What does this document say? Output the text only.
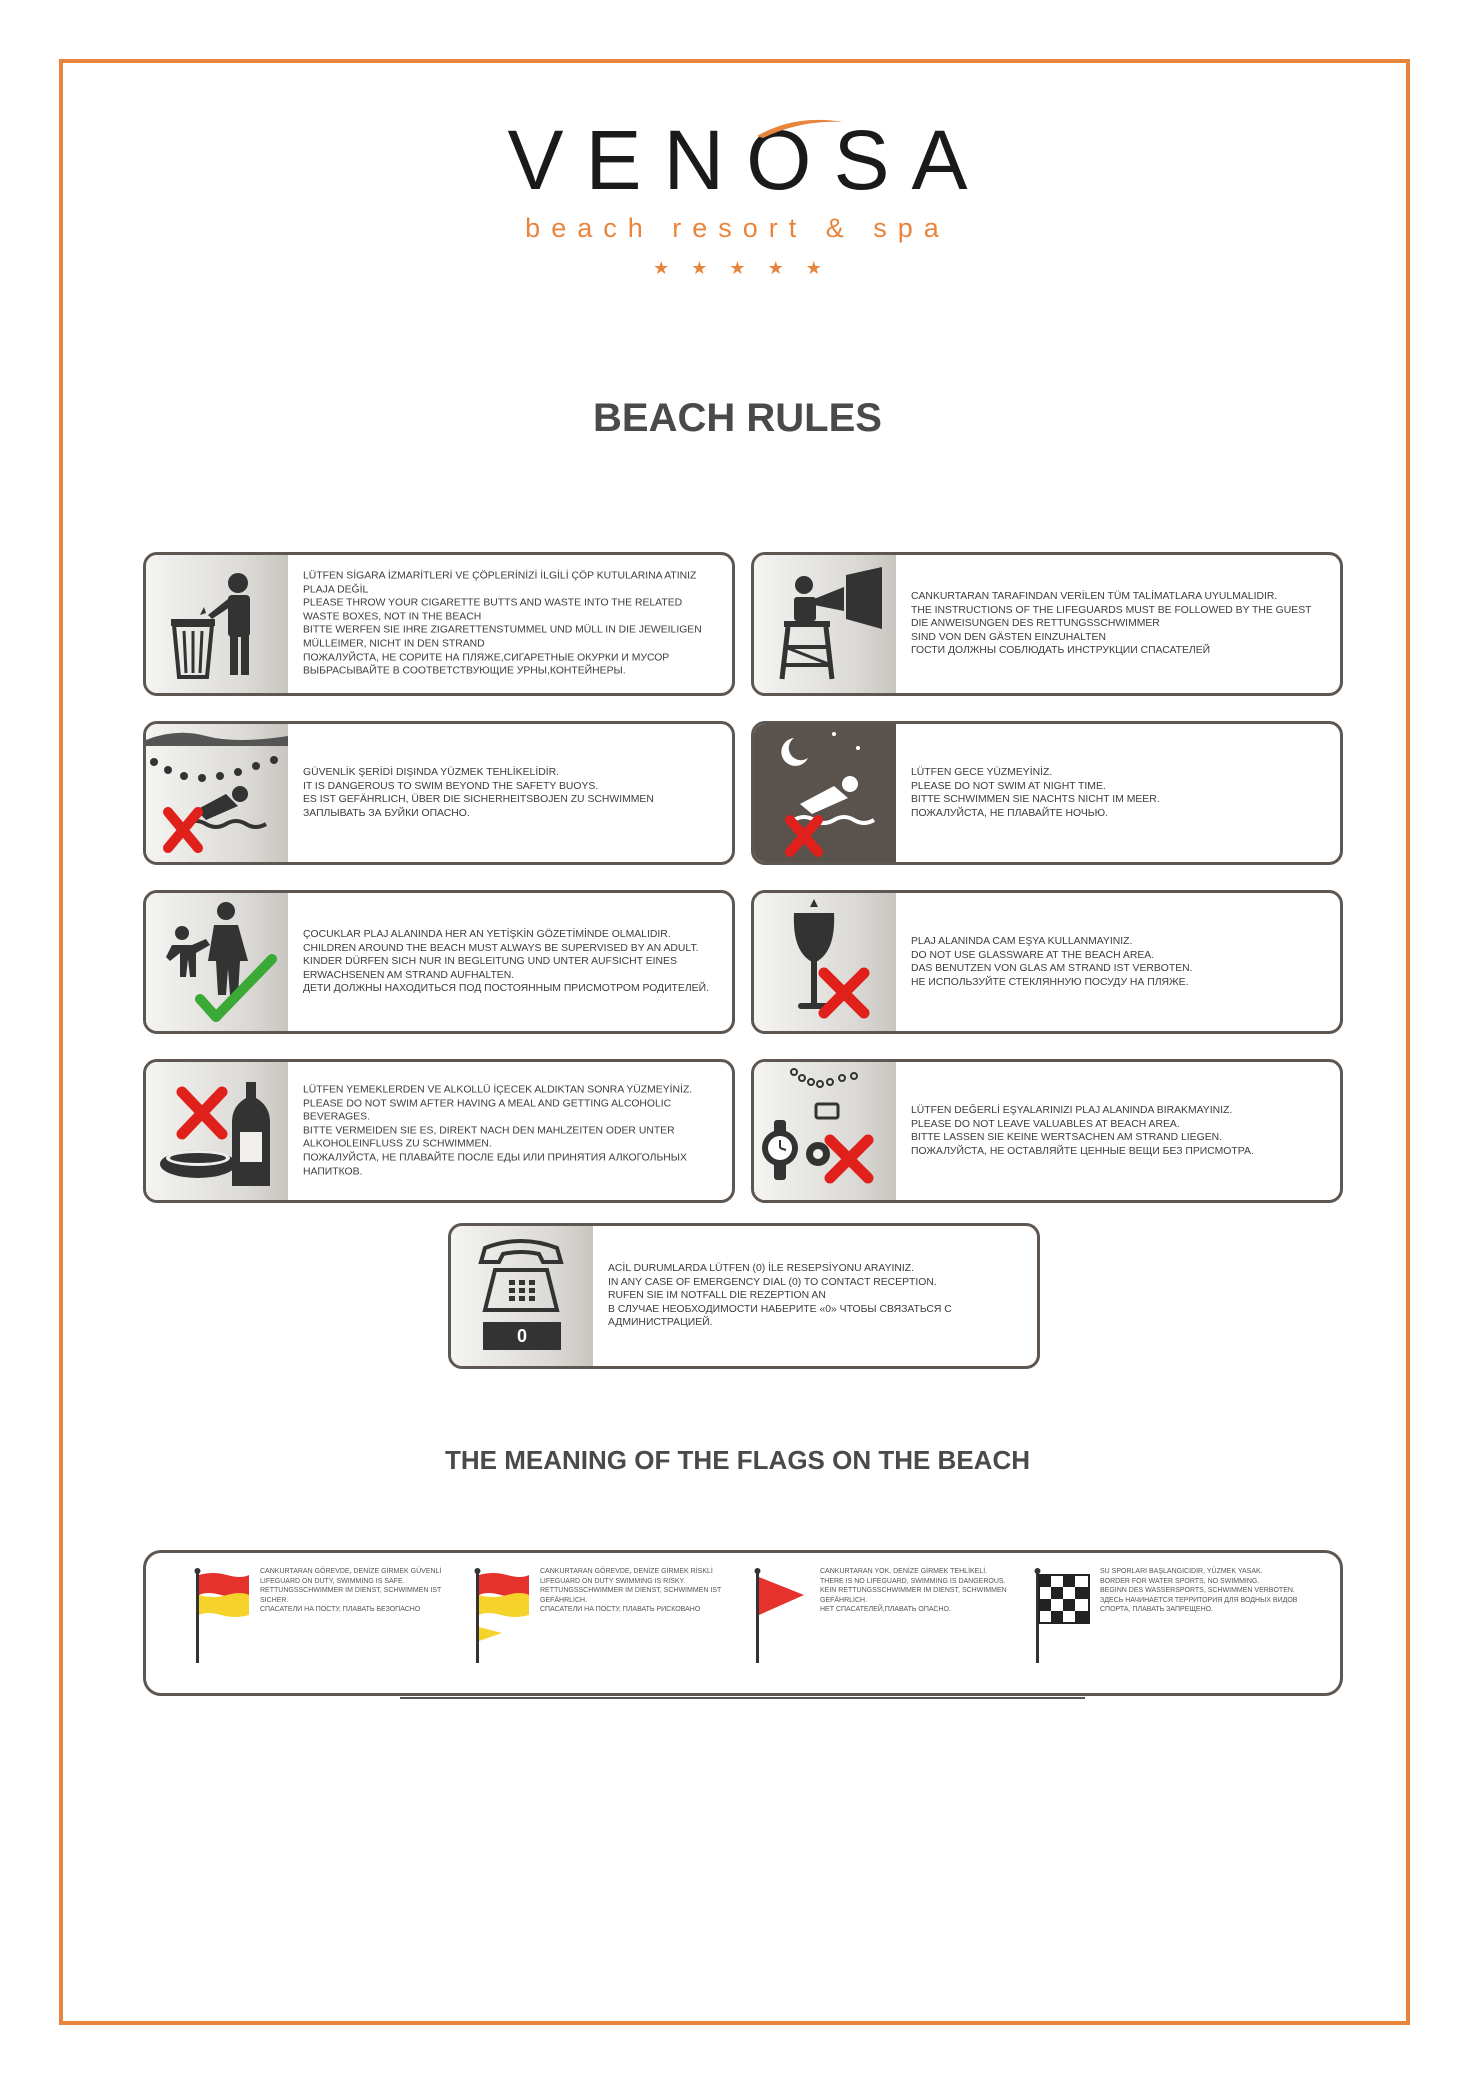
VENOSA
beach resort & spa
★★★★★
BEACH RULES
LÜTFEN SİGARA İZMARİTLERİ VE ÇÖPLERİNİZİ İLGİLİ ÇÖP KUTULARINA ATINIZ PLAJA DEĞİL
PLEASE THROW YOUR CIGARETTE BUTTS AND WASTE INTO THE RELATED WASTE BOXES, NOT IN THE BEACH
BITTE WERFEN SIE IHRE ZIGARETTENSTUMMEL UND MÜLL IN DIE JEWEILIGEN MÜLLEIMER, NICHT IN DEN STRAND
ПОЖАЛУЙСТА, НЕ СОРИТЕ НА ПЛЯЖЕ,СИГАРЕТНЫЕ ОКУРКИ И МУСОР ВЫБРАСЫВАЙТЕ В СООТВЕТСТВУЮЩИЕ УРНЫ,КОНТЕЙНЕРЫ.
CANKURTARAN TARAFINDAN VERİLEN TÜM TALİMATLARA UYULMALIDIR.
THE INSTRUCTIONS OF THE LIFEGUARDS MUST BE FOLLOWED BY THE GUEST
DIE ANWEISUNGEN DES RETTUNGSSCHWIMMER
SIND VON DEN GÄSTEN EINZUHALTEN
ГОСТИ ДОЛЖНЫ СОБЛЮДАТЬ ИНСТРУКЦИИ СПАСАТЕЛЕЙ
GÜVENLİK ŞERİDİ DIŞINDA YÜZMEK TEHLİKELİDİR.
IT IS DANGEROUS TO SWIM BEYOND THE SAFETY BUOYS.
ES IST GEFÄHRLICH, ÜBER DIE SICHERHEITSBOJEN ZU SCHWIMMEN
ЗАПЛЫВАТЬ ЗА БУЙКИ ОПАСНО.
LÜTFEN GECE YÜZMEYİNİZ.
PLEASE DO NOT SWIM AT NIGHT TIME.
BITTE SCHWIMMEN SIE NACHTS NICHT IM MEER.
ПОЖАЛУЙСТА, НЕ ПЛАВАЙТЕ НОЧЬЮ.
ÇOCUKLAR PLAJ ALANINDA HER AN YETİŞKİN GÖZETİMİNDE OLMALIDIR.
CHILDREN AROUND THE BEACH MUST ALWAYS BE SUPERVISED BY AN ADULT.
KINDER DÜRFEN SICH NUR IN BEGLEITUNG UND UNTER AUFSICHT EINES ERWACHSENEN AM STRAND AUFHALTEN.
ДЕТИ ДОЛЖНЫ НАХОДИТЬСЯ ПОД ПОСТОЯННЫМ ПРИСМОТРОМ РОДИТЕЛЕЙ.
PLAJ ALANINDA CAM EŞYA KULLANMAYINIZ.
DO NOT USE GLASSWARE AT THE BEACH AREA.
DAS BENUTZEN VON GLAS AM STRAND IST VERBOTEN.
НЕ ИСПОЛЬЗУЙТЕ СТЕКЛЯННУЮ ПОСУДУ НА ПЛЯЖЕ.
LÜTFEN YEMEKLERDEN VE ALKOLLÜ İÇECEK ALDIKTAN SONRA YÜZMEYİNİZ.
PLEASE DO NOT SWIM AFTER HAVING A MEAL AND GETTING ALCOHOLIC BEVERAGES.
BITTE VERMEIDEN SIE ES, DIREKT NACH DEN MAHLZEITEN ODER UNTER ALKOHOLEINFLUSS ZU SCHWIMMEN.
ПОЖАЛУЙСТА, НЕ ПЛАВАЙТЕ ПОСЛЕ ЕДЫ ИЛИ ПРИНЯТИЯ АЛКОГОЛЬНЫХ НАПИТКОВ.
LÜTFEN DEĞERLİ EŞYALARINIZI PLAJ ALANINDA BIRAKMAYINIZ.
PLEASE DO NOT LEAVE VALUABLES AT BEACH AREA.
BITTE LASSEN SIE KEINE WERTSACHEN AM STRAND LIEGEN.
ПОЖАЛУЙСТА, НЕ ОСТАВЛЯЙТЕ ЦЕННЫЕ ВЕЩИ БЕЗ ПРИСМОТРА.
0
ACİL DURUMLARDA LÜTFEN (0) İLE RESEPSİYONU ARAYINIZ.
IN ANY CASE OF EMERGENCY DIAL (0) TO CONTACT RECEPTION.
RUFEN SIE IM NOTFALL DIE REZEPTION AN
В СЛУЧАЕ НЕОБХОДИМОСТИ НАБЕРИТЕ «0» ЧТОБЫ СВЯЗАТЬСЯ С АДМИНИСТРАЦИЕЙ.
THE MEANING OF THE FLAGS ON THE BEACH
CANKURTARAN GÖREVDE, DENİZE GİRMEK GÜVENLİ
LIFEGUARD ON DUTY, SWIMMING IS SAFE.
RETTUNGSSCHWIMMER IM DIENST, SCHWIMMEN IST SICHER.
СПАСАТЕЛИ НА ПОСТУ, ПЛАВАТЬ БЕЗОПАСНО
CANKURTARAN GÖREVDE, DENİZE GİRMEK RİSKLİ
LIFEGUARD ON DUTY SWIMMING IS RISKY.
RETTUNGSSCHWIMMER IM DIENST, SCHWIMMEN IST GEFÄHRLICH.
СПАСАТЕЛИ НА ПОСТУ, ПЛАВАТЬ РИСКОВАНО
CANKURTARAN YOK, DENİZE GİRMEK TEHLİKELİ.
THERE IS NO LIFEGUARD, SWIMMING IS DANGEROUS.
KEIN RETTUNGSSCHWIMMER IM DIENST, SCHWIMMEN GEFÄHRLICH.
НЕТ СПАСАТЕЛЕЙ,ПЛАВАТЬ ОПАСНО.
SU SPORLARI BAŞLANGICIDIR, YÜZMEK YASAK.
BORDER FOR WATER SPORTS, NO SWIMMING.
BEGINN DES WASSERSPORTS, SCHWIMMEN VERBOTEN.
ЗДЕСЬ НАЧИНАЕТСЯ ТЕРРИТОРИЯ ДЛЯ ВОДНЫХ ВИДОВ СПОРТА, ПЛАВАТЬ ЗАПРЕЩЕНО.
